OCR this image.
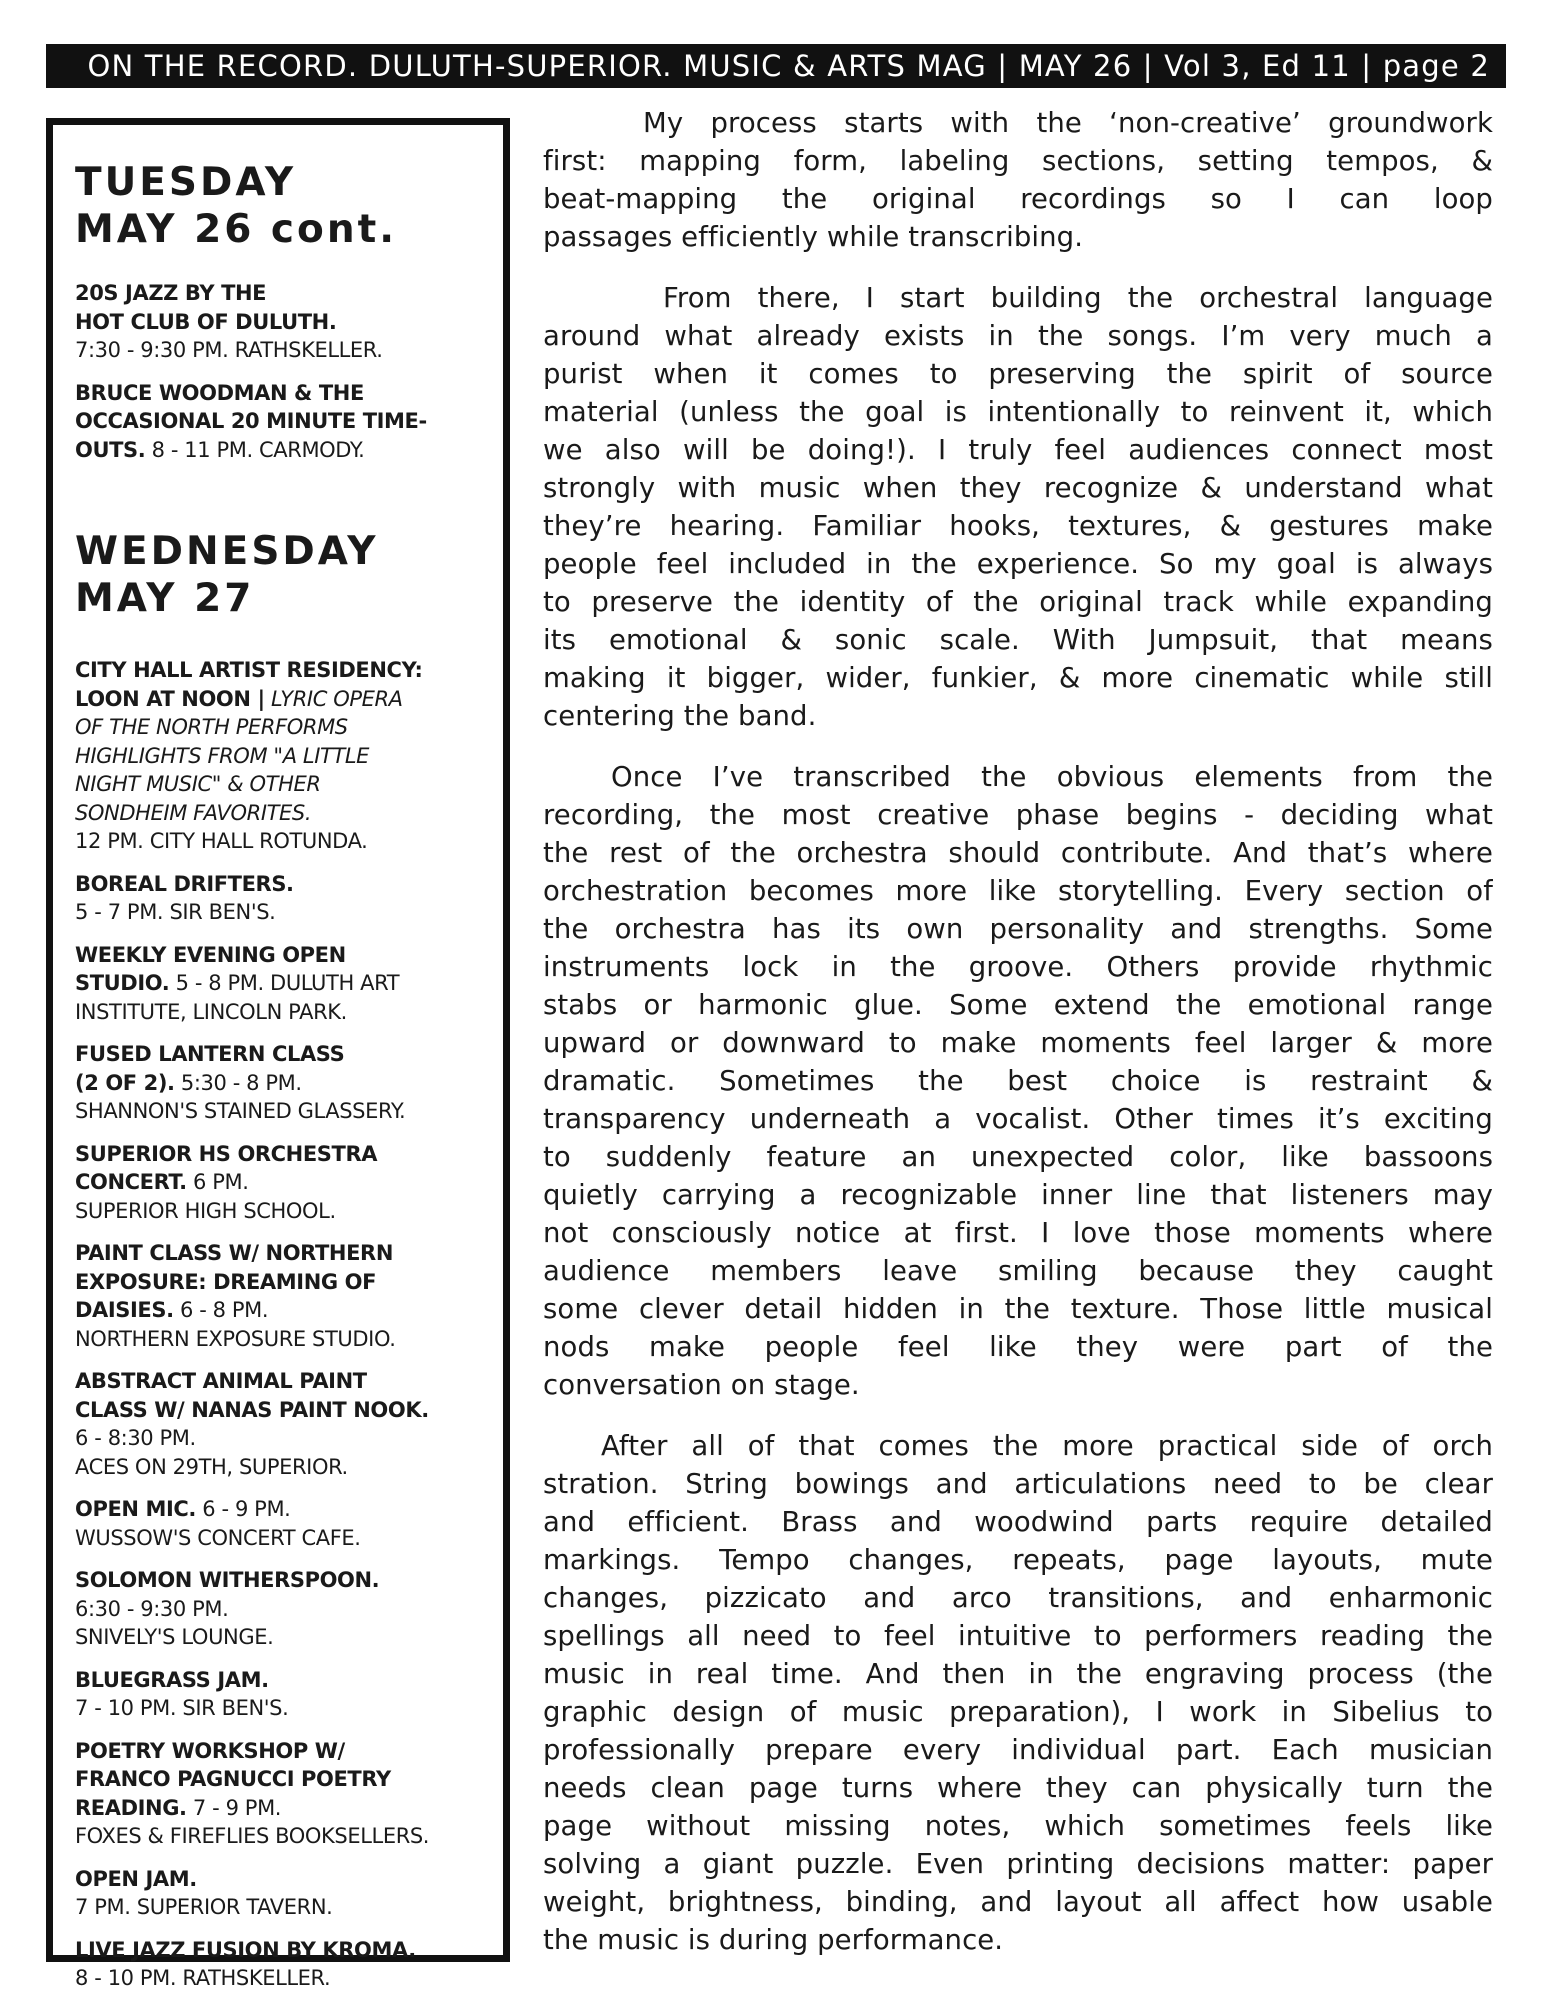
ON THE RECORD. DULUTH-SUPERIOR. MUSIC & ARTS MAG | MAY 26 | Vol 3, Ed 11 | page 2
TUESDAY
MAY 26 cont.
20S JAZZ BY THE
HOT CLUB OF DULUTH.
7:30 - 9:30 PM. RATHSKELLER.
BRUCE WOODMAN & THE
OCCASIONAL 20 MINUTE TIME-
OUTS. 8 - 11 PM. CARMODY.
WEDNESDAY
MAY 27
CITY HALL ARTIST RESIDENCY:
LOON AT NOON | LYRIC OPERA
OF THE NORTH PERFORMS
HIGHLIGHTS FROM "A LITTLE
NIGHT MUSIC" & OTHER
SONDHEIM FAVORITES.
12 PM. CITY HALL ROTUNDA.
BOREAL DRIFTERS.
5 - 7 PM. SIR BEN'S.
WEEKLY EVENING OPEN
STUDIO. 5 - 8 PM. DULUTH ART
INSTITUTE, LINCOLN PARK.
FUSED LANTERN CLASS
(2 OF 2). 5:30 - 8 PM.
SHANNON'S STAINED GLASSERY.
SUPERIOR HS ORCHESTRA
CONCERT. 6 PM.
SUPERIOR HIGH SCHOOL.
PAINT CLASS W/ NORTHERN
EXPOSURE: DREAMING OF
DAISIES. 6 - 8 PM.
NORTHERN EXPOSURE STUDIO.
ABSTRACT ANIMAL PAINT
CLASS W/ NANAS PAINT NOOK.
6 - 8:30 PM.
ACES ON 29TH, SUPERIOR.
OPEN MIC. 6 - 9 PM.
WUSSOW'S CONCERT CAFE.
SOLOMON WITHERSPOON.
6:30 - 9:30 PM.
SNIVELY'S LOUNGE.
BLUEGRASS JAM.
7 - 10 PM. SIR BEN'S.
POETRY WORKSHOP W/
FRANCO PAGNUCCI POETRY
READING. 7 - 9 PM.
FOXES & FIREFLIES BOOKSELLERS.
OPEN JAM.
7 PM. SUPERIOR TAVERN.
LIVE JAZZ FUSION BY KROMA.
8 - 10 PM. RATHSKELLER.
My process starts with the ‘non-creative’ groundwork
first: mapping form, labeling sections, setting tempos, &
beat-mapping the original recordings so I can loop
passages efficiently while transcribing.
From there, I start building the orchestral language
around what already exists in the songs. I’m very much a
purist when it comes to preserving the spirit of source
material (unless the goal is intentionally to reinvent it, which
we also will be doing!). I truly feel audiences connect most
strongly with music when they recognize & understand what
they’re hearing. Familiar hooks, textures, & gestures make
people feel included in the experience. So my goal is always
to preserve the identity of the original track while expanding
its emotional & sonic scale. With Jumpsuit, that means
making it bigger, wider, funkier, & more cinematic while still
centering the band.
Once I’ve transcribed the obvious elements from the
recording, the most creative phase begins - deciding what
the rest of the orchestra should contribute. And that’s where
orchestration becomes more like storytelling. Every section of
the orchestra has its own personality and strengths. Some
instruments lock in the groove. Others provide rhythmic
stabs or harmonic glue. Some extend the emotional range
upward or downward to make moments feel larger & more
dramatic. Sometimes the best choice is restraint &
transparency underneath a vocalist. Other times it’s exciting
to suddenly feature an unexpected color, like bassoons
quietly carrying a recognizable inner line that listeners may
not consciously notice at first. I love those moments where
audience members leave smiling because they caught
some clever detail hidden in the texture. Those little musical
nods make people feel like they were part of the
conversation on stage.
After all of that comes the more practical side of orch
stration. String bowings and articulations need to be clear
and efficient. Brass and woodwind parts require detailed
markings. Tempo changes, repeats, page layouts, mute
changes, pizzicato and arco transitions, and enharmonic
spellings all need to feel intuitive to performers reading the
music in real time. And then in the engraving process (the
graphic design of music preparation), I work in Sibelius to
professionally prepare every individual part. Each musician
needs clean page turns where they can physically turn the
page without missing notes, which sometimes feels like
solving a giant puzzle. Even printing decisions matter: paper
weight, brightness, binding, and layout all affect how usable
the music is during performance.
